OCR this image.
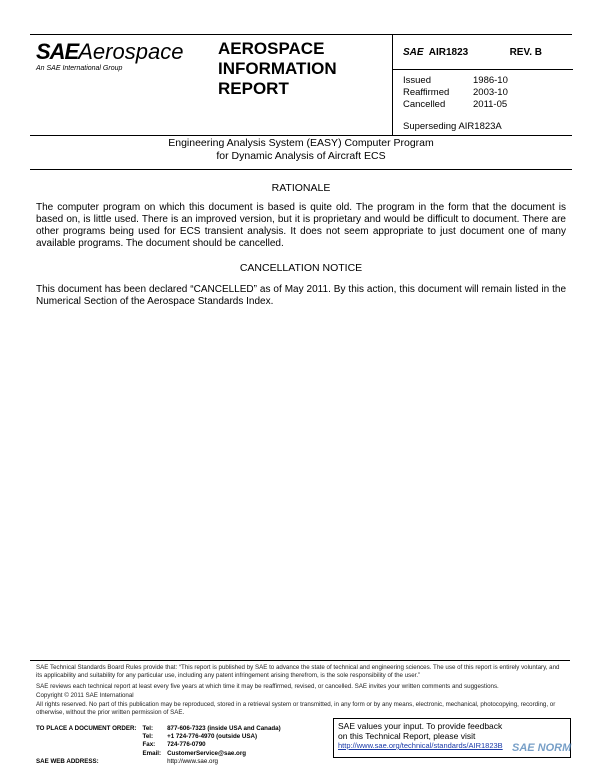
SAEAerospace
An SAE International Group
AEROSPACE
INFORMATION
REPORT
SAE AIR1823	REV. B
Issued	1986-10
Reaffirmed	2003-10
Cancelled	2011-05
Superseding AIR1823A
Engineering Analysis System (EASY) Computer Program
for Dynamic Analysis of Aircraft ECS
RATIONALE
The computer program on which this document is based is quite old. The program in the form that the document is based on, is little used. There is an improved version, but it is proprietary and would be difficult to document. There are other programs being used for ECS transient analysis. It does not seem appropriate to just document one of many available programs. The document should be cancelled.
CANCELLATION NOTICE
This document has been declared “CANCELLED” as of May 2011. By this action, this document will remain listed in the Numerical Section of the Aerospace Standards Index.
SAE Technical Standards Board Rules provide that: “This report is published by SAE to advance the state of technical and engineering sciences. The use of this report is entirely voluntary, and its applicability and suitability for any particular use, including any patent infringement arising therefrom, is the sole responsibility of the user.”
SAE reviews each technical report at least every five years at which time it may be reaffirmed, revised, or cancelled. SAE invites your written comments and suggestions.
Copyright © 2011 SAE International
All rights reserved. No part of this publication may be reproduced, stored in a retrieval system or transmitted, in any form or by any means, electronic, mechanical, photocopying, recording, or otherwise, without the prior written permission of SAE.
TO PLACE A DOCUMENT ORDER:	Tel:	877-606-7323 (inside USA and Canada)
	Tel:	+1 724-776-4970 (outside USA)
	Fax:	724-776-0790
	Email:	CustomerService@sae.org
SAE WEB ADDRESS:		http://www.sae.org
SAE values your input. To provide feedback
on this Technical Report, please visit
http://www.sae.org/technical/standards/AIR1823B SAE NORM
